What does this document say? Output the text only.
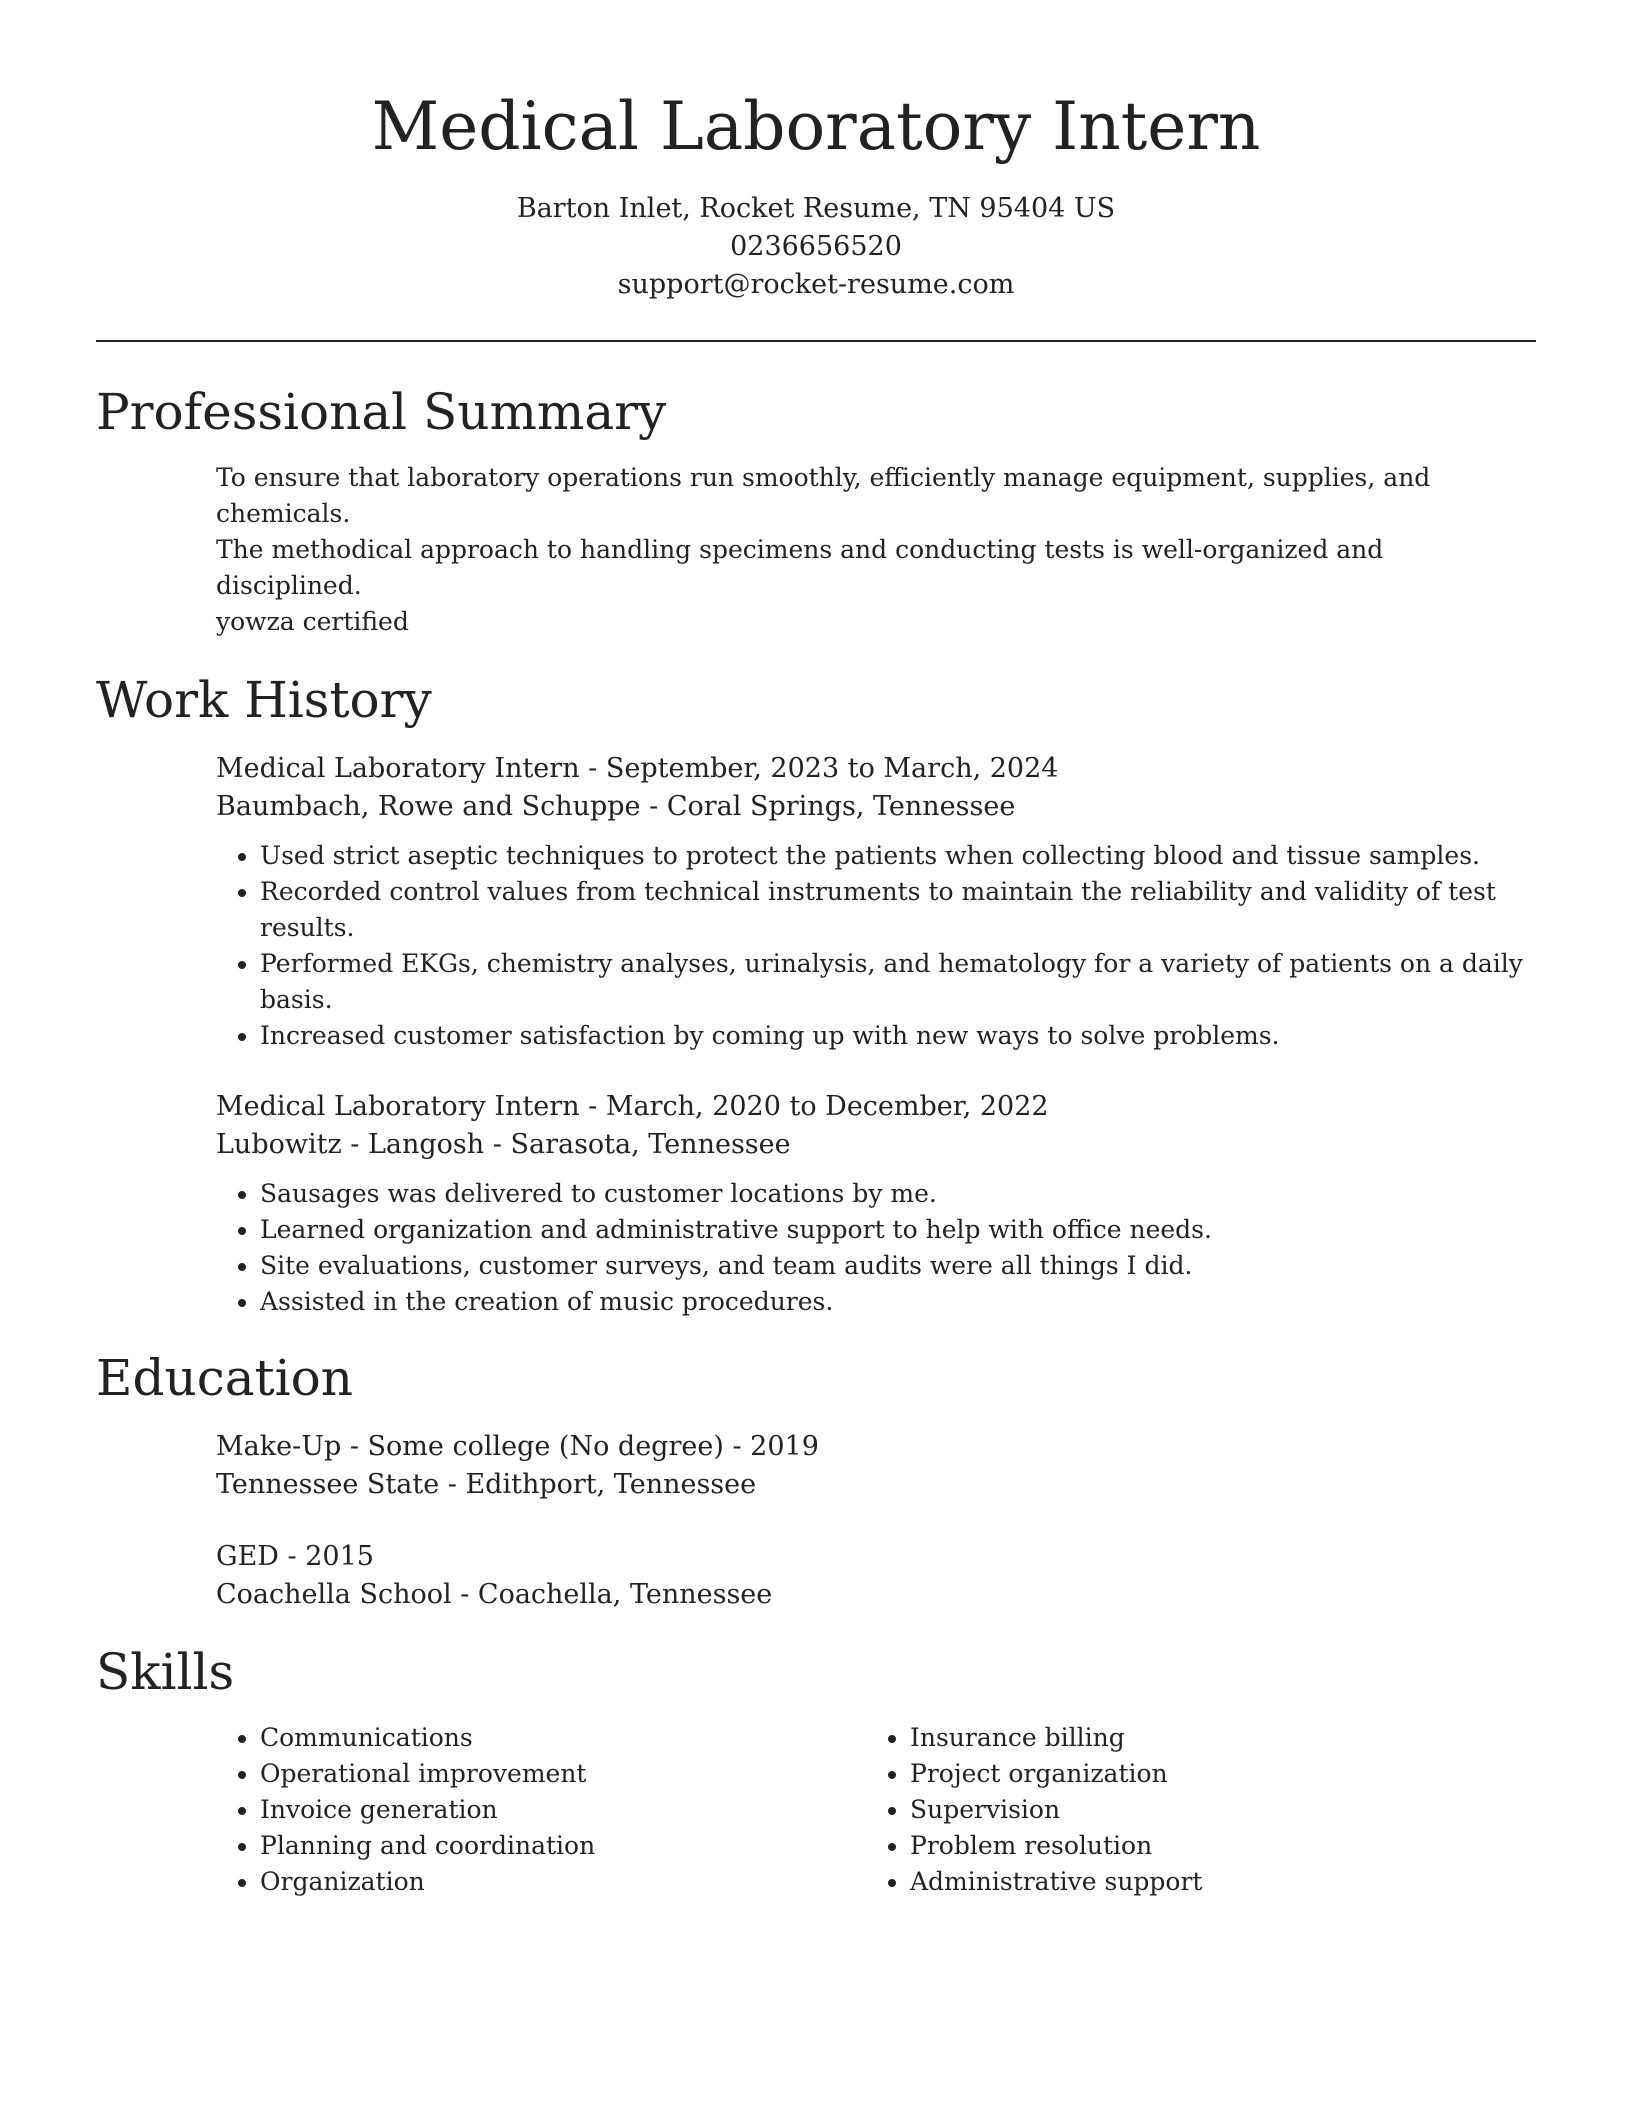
Medical Laboratory Intern
Barton Inlet, Rocket Resume, TN 95404 US
0236656520
support@rocket-resume.com
Professional Summary

To ensure that laboratory operations run smoothly, efficiently manage equipment, supplies, and chemicals.

The methodical approach to handling specimens and conducting tests is well-organized and disciplined.

yowza certified

Work History
Medical Laboratory Intern - September, 2023 to March, 2024
Baumbach, Rowe and Schuppe - Coral Springs, Tennessee
• Used strict aseptic techniques to protect the patients when collecting blood and tissue samples.
• Recorded control values from technical instruments to maintain the reliability and validity of test results.
• Performed EKGs, chemistry analyses, urinalysis, and hematology for a variety of patients on a daily basis.
• Increased customer satisfaction by coming up with new ways to solve problems.
Medical Laboratory Intern - March, 2020 to December, 2022
Lubowitz - Langosh - Sarasota, Tennessee
• Sausages was delivered to customer locations by me.
• Learned organization and administrative support to help with office needs.
• Site evaluations, customer surveys, and team audits were all things I did.
• Assisted in the creation of music procedures.
Education
Make-Up - Some college (No degree) - 2019
Tennessee State - Edithport, Tennessee
GED - 2015
Coachella School - Coachella, Tennessee
Skills
• Communications
• Operational improvement
• Invoice generation
• Planning and coordination
• Organization
• Insurance billing
• Project organization
• Supervision
• Problem resolution
• Administrative support
